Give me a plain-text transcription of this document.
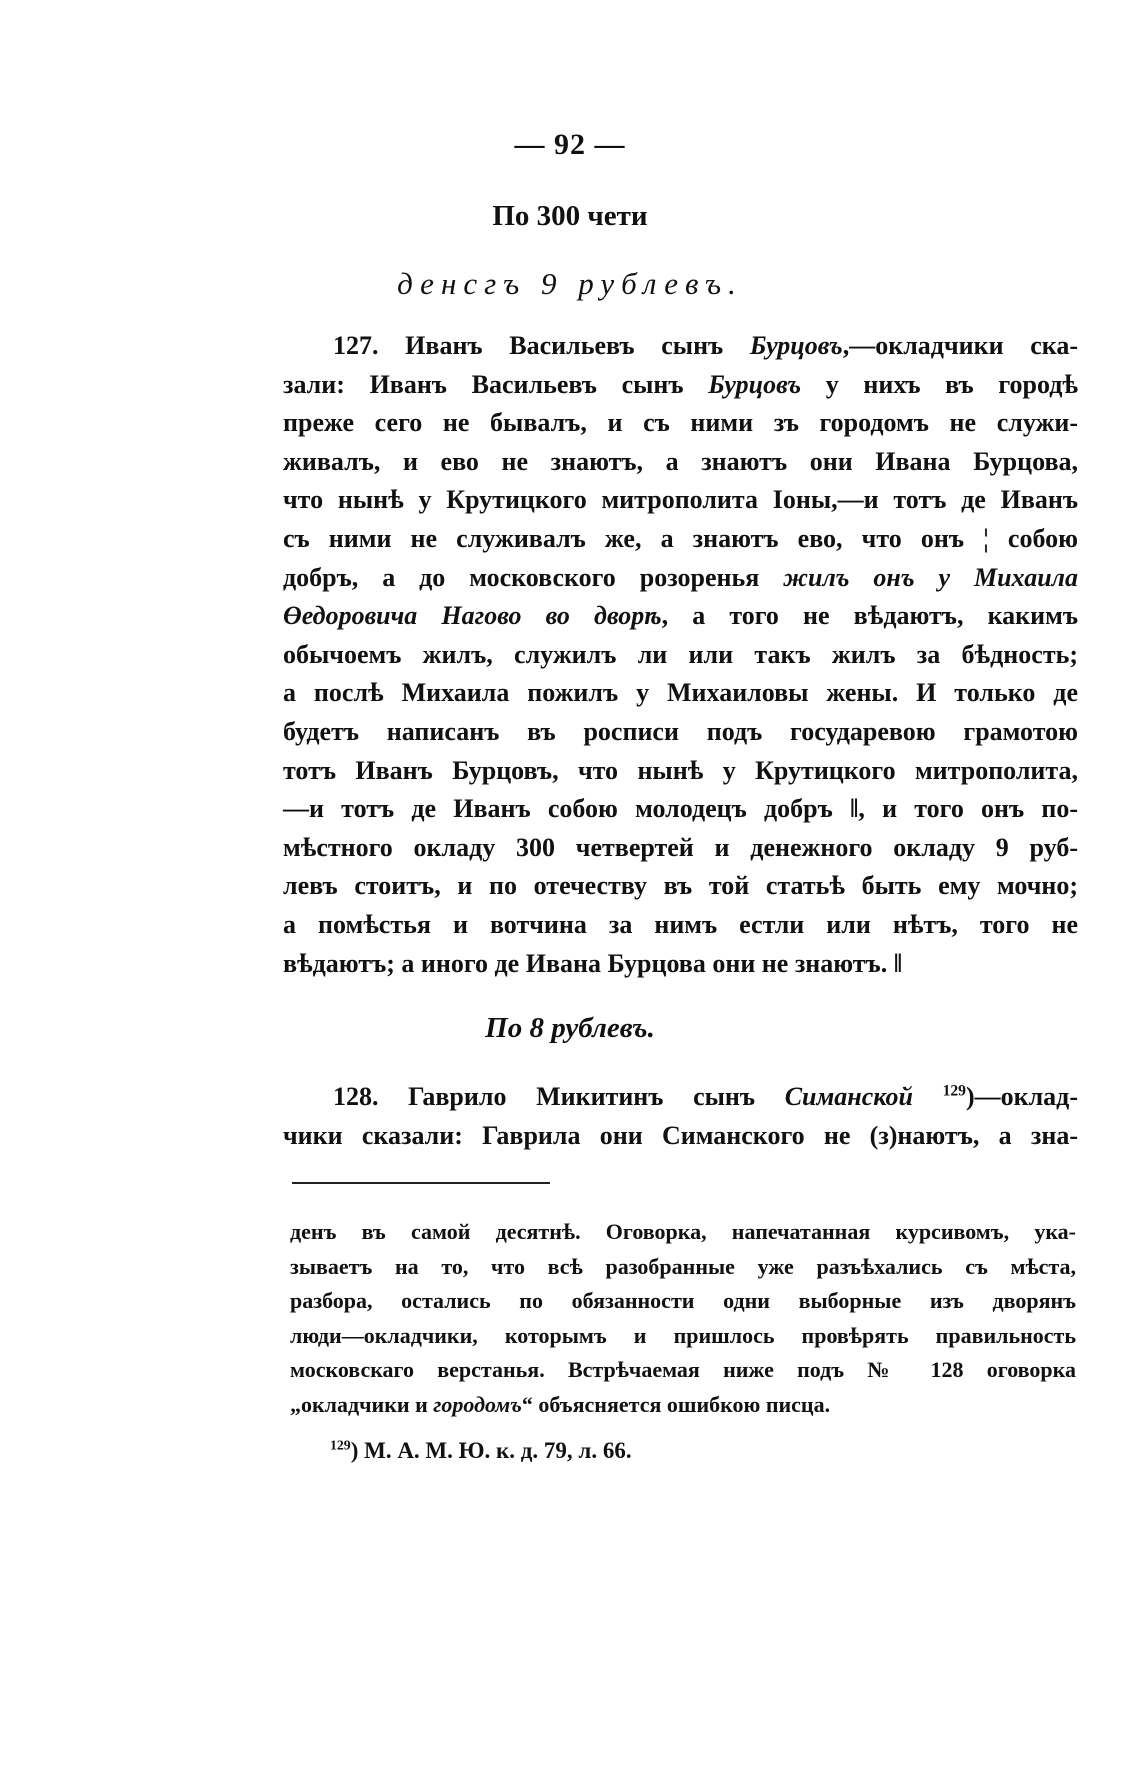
— 92 —
По 300 чети
денсгъ 9 рублевъ.
127. Иванъ Васильевъ сынъ Бурцовъ,—окладчики ска-
зали: Иванъ Васильевъ сынъ Бурцовъ у нихъ въ городѣ
преже сего не бывалъ, и съ ними зъ городомъ не служи-
живалъ, и ево не знаютъ, а знаютъ они Ивана Бурцова,
что нынѣ у Крутицкого митрополита Іоны,—и тотъ де Иванъ
съ ними не служивалъ же, а знаютъ ево, что онъ ¦ собою
добръ, а до московского розоренья жилъ онъ у Михаила
Өедоровича Нагово во дворѣ, а того не вѣдаютъ, какимъ
обычоемъ жилъ, служилъ ли или такъ жилъ за бѣдность;
а послѣ Михаила пожилъ у Михаиловы жены. И только де
будетъ написанъ въ росписи подъ государевою грамотою
тотъ Иванъ Бурцовъ, что нынѣ у Крутицкого митрополита,
—и тотъ де Иванъ собою молодецъ добръ ‖, и того онъ по-
мѣстного окладу 300 четвертей и денежного окладу 9 руб-
левъ стоитъ, и по отечеству въ той статьѣ быть ему мочно;
а помѣстья и вотчина за нимъ естли или нѣтъ, того не
вѣдаютъ; а иного де Ивана Бурцова они не знаютъ. ‖
По 8 рублевъ.
128. Гаврило Микитинъ сынъ Симанской $^{129}$)—оклад-
чики сказали: Гаврила они Симанского не (з)наютъ, а зна-
денъ въ самой десятнѣ. Оговорка, напечатанная курсивомъ, ука-
зываетъ на то, что всѣ разобранные уже разъѣхались съ мѣста,
разбора, остались по обязанности одни выборные изъ дворянъ
люди—окладчики, которымъ и пришлось провѣрять правильность
московскаго верстанья. Встрѣчаемая ниже подъ № 128 оговорка
„окладчики и городомъ“ объясняется ошибкою писца.
$^{129}$) М. А. М. Ю. к. д. 79, л. 66.
